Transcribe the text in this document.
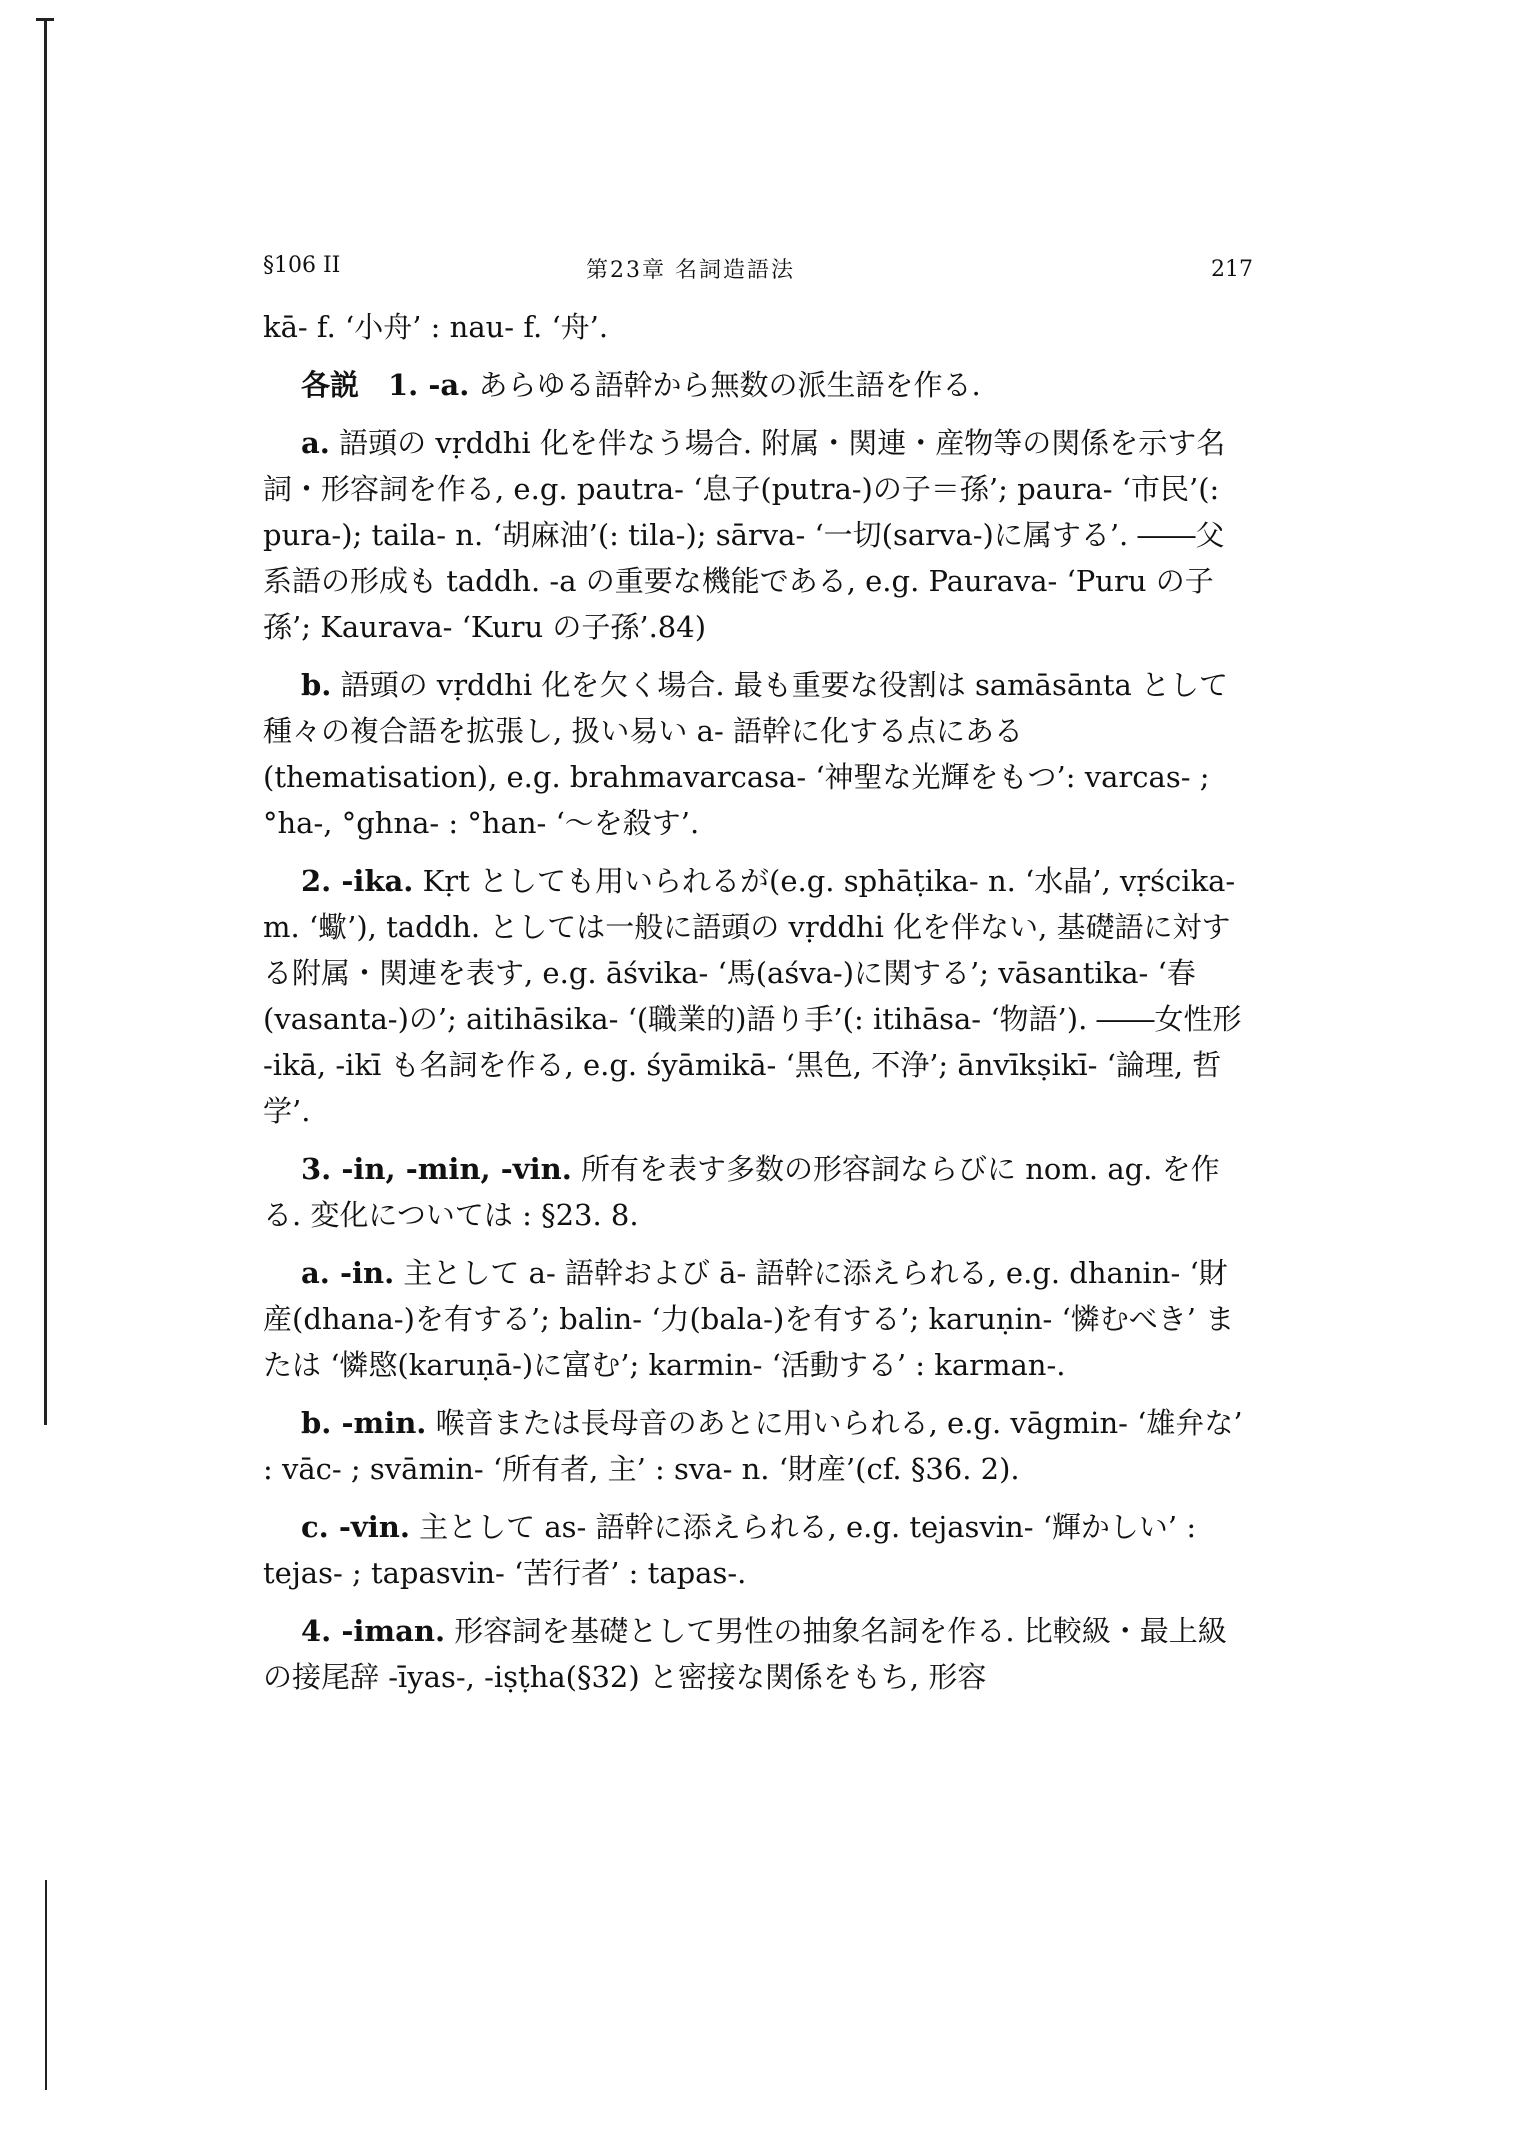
§106 II	第23章 名詞造語法	217

kā- f. ‘小舟’ : nau- f. ‘舟’.

各説　1. -a. あらゆる語幹から無数の派生語を作る.

a. 語頭の vṛddhi 化を伴なう場合. 附属・関連・産物等の関係を示す名詞・形容詞を作る, e.g. pautra- ‘息子(putra-)の子＝孫’; paura- ‘市民’(: pura-); taila- n. ‘胡麻油’(: tila-); sārva- ‘一切(sarva-)に属する’. ――父系語の形成も taddh. -a の重要な機能である, e.g. Paurava- ‘Puru の子孫’; Kaurava- ‘Kuru の子孫’.84)

b. 語頭の vṛddhi 化を欠く場合. 最も重要な役割は samāsānta として種々の複合語を拡張し, 扱い易い a- 語幹に化する点にある (thematisation), e.g. brahmavarcasa- ‘神聖な光輝をもつ’: varcas- ; °ha-, °ghna- : °han- ‘～を殺す’.

2. -ika. Kṛt としても用いられるが(e.g. sphāṭika- n. ‘水晶’, vṛścika- m. ‘蠍’), taddh. としては一般に語頭の vṛddhi 化を伴ない, 基礎語に対する附属・関連を表す, e.g. āśvika- ‘馬(aśva-)に関する’; vāsantika- ‘春(vasanta-)の’; aitihāsika- ‘(職業的)語り手’(: itihāsa- ‘物語’). ――女性形 -ikā, -ikī も名詞を作る, e.g. śyāmikā- ‘黒色, 不浄’; ānvīkṣikī- ‘論理, 哲学’.

3. -in, -min, -vin. 所有を表す多数の形容詞ならびに nom. ag. を作る. 変化については : §23. 8.

a. -in. 主として a- 語幹および ā- 語幹に添えられる, e.g. dhanin- ‘財産(dhana-)を有する’; balin- ‘力(bala-)を有する’; karuṇin- ‘憐むべき’ または ‘憐愍(karuṇā-)に富む’; karmin- ‘活動する’ : karman-.

b. -min. 喉音または長母音のあとに用いられる, e.g. vāgmin- ‘雄弁な’ : vāc- ; svāmin- ‘所有者, 主’ : sva- n. ‘財産’(cf. §36. 2).

c. -vin. 主として as- 語幹に添えられる, e.g. tejasvin- ‘輝かしい’ : tejas- ; tapasvin- ‘苦行者’ : tapas-.

4. -iman. 形容詞を基礎として男性の抽象名詞を作る. 比較級・最上級の接尾辞 -īyas-, -iṣṭha(§32) と密接な関係をもち, 形容
